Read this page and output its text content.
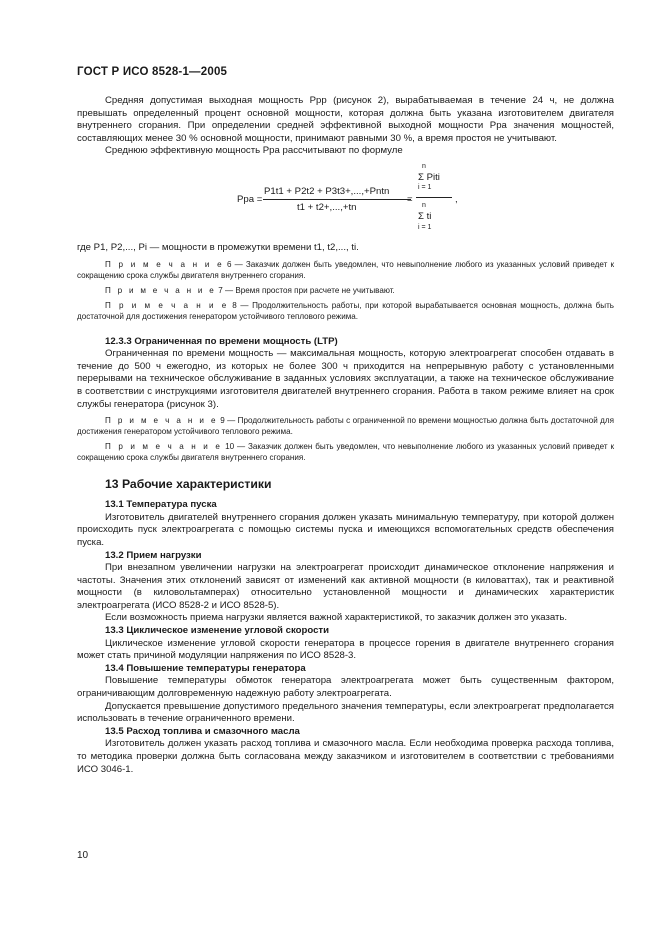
ГОСТ Р ИСО 8528-1—2005

Средняя допустимая выходная мощность Ppp (рисунок 2), вырабатываемая в течение 24 ч, не должна превышать определенный процент основной мощности, которая должна быть указана изготовителем двигателя внутреннего сгорания. При определении средней эффективной выходной мощности Ppa значения мощностей, составляющих менее 30 % основной мощности, принимают равными 30 %, а время простоя не учитывают.

Среднюю эффективную мощность Ppa рассчитывают по формуле

Ppa =
P1t1 + P2t2 + P3t3+,...,+Pntn
t1 + t2+,...,+tn
=
n
Σ Piti
i = 1
n
Σ ti
i = 1
,

где P1, P2,..., Pi — мощности в промежутки времени t1, t2,..., ti.

П р и м е ч а н и е 6 — Заказчик должен быть уведомлен, что невыполнение любого из указанных условий приведет к сокращению срока службы двигателя внутреннего сгорания.

П р и м е ч а н и е 7 — Время простоя при расчете не учитывают.

П р и м е ч а н и е 8 — Продолжительность работы, при которой вырабатывается основная мощность, должна быть достаточной для достижения генератором устойчивого теплового режима.

12.3.3 Ограниченная по времени мощность (LTP)

Ограниченная по времени мощность — максимальная мощность, которую электроагрегат способен отдавать в течение до 500 ч ежегодно, из которых не более 300 ч приходится на непрерывную работу с установленными перерывами на техническое обслуживание в заданных условиях эксплуатации, а также на техническое обслуживание в соответствии с инструкциями изготовителя двигателей внутреннего сгорания. Работа в таком режиме влияет на срок службы генератора (рисунок 3).

П р и м е ч а н и е 9 — Продолжительность работы с ограниченной по времени мощностью должна быть достаточной для достижения генератором устойчивого теплового режима.

П р и м е ч а н и е 10 — Заказчик должен быть уведомлен, что невыполнение любого из указанных условий приведет к сокращению срока службы двигателя внутреннего сгорания.

13 Рабочие характеристики

13.1 Температура пуска

Изготовитель двигателей внутреннего сгорания должен указать минимальную температуру, при которой должен происходить пуск электроагрегата с помощью системы пуска и имеющихся вспомогательных средств обеспечения пуска.

13.2 Прием нагрузки

При внезапном увеличении нагрузки на электроагрегат происходит динамическое отклонение напряжения и частоты. Значения этих отклонений зависят от изменений как активной мощности (в киловаттах), так и реактивной мощности (в киловольтамперах) относительно установленной мощности и динамических характеристик электроагрегата (ИСО 8528-2 и ИСО 8528-5).

Если возможность приема нагрузки является важной характеристикой, то заказчик должен это указать.

13.3 Циклическое изменение угловой скорости

Циклическое изменение угловой скорости генератора в процессе горения в двигателе внутреннего сгорания может стать причиной модуляции напряжения по ИСО 8528-3.

13.4 Повышение температуры генератора

Повышение температуры обмоток генератора электроагрегата может быть существенным фактором, ограничивающим долговременную надежную работу электроагрегата.

Допускается превышение допустимого предельного значения температуры, если электроагрегат предполагается использовать в течение ограниченного времени.

13.5 Расход топлива и смазочного масла

Изготовитель должен указать расход топлива и смазочного масла. Если необходима проверка расхода топлива, то методика проверки должна быть согласована между заказчиком и изготовителем в соответствии с требованиями ИСО 3046-1.

10
